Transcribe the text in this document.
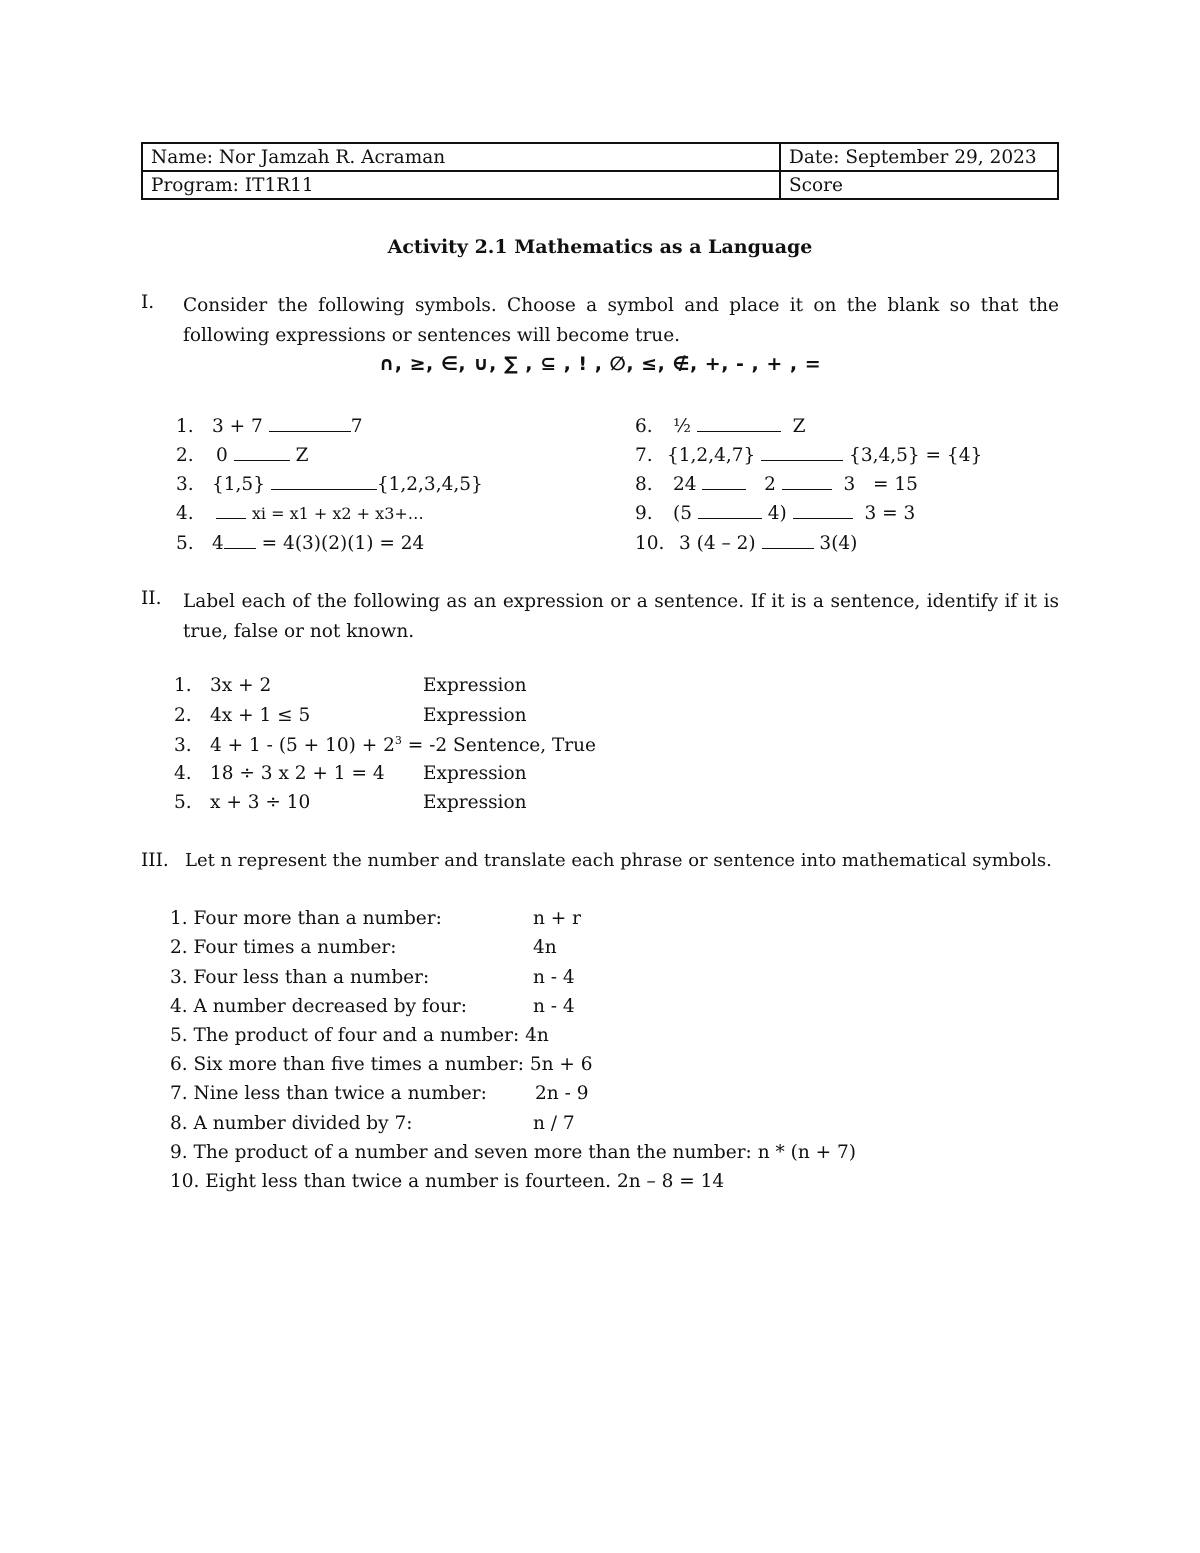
Name: Nor Jamzah R. Acraman	Date: September 29, 2023
Program: IT1R11	Score
Activity 2.1 Mathematics as a Language
I. Consider the following symbols. Choose a symbol and place it on the blank so that the following expressions or sentences will become true.
∩, ≥, ∈, ∪, ∑ , ⊆ , ! , ∅, ≤, ∉, +, - , + , =
1. 3 + 7	7
2. 0	Z
3. {1,5}	{1,2,3,4,5}
4.	xi = x1 + x2 + x3+…
5. 4 = 4(3)(2)(1) = 24
6. ½	Z
7. {1,2,4,7}	{3,4,5} = {4}
8. 24	2	3   = 15
9. (5	4)	3 = 3
10. 3 (4 – 2)	3(4)
II. Label each of the following as an expression or a sentence. If it is a sentence, identify if it is true, false or not known.
1. 3x + 2	Expression
2. 4x + 1 ≤ 5	Expression
3. $4 + 1 - (5 + 10) + 2^3 = -2$ Sentence, True
4. 18 ÷ 3 x 2 + 1 = 4 Expression
5. x + 3 ÷ 10	Expression
III. Let n represent the number and translate each phrase or sentence into mathematical symbols.
1. Four more than a number:	n + r
2. Four times a number:	4n
3. Four less than a number:	n - 4
4. A number decreased by four:	n - 4
5. The product of four and a number: 4n
6. Six more than five times a number: 5n + 6
7. Nine less than twice a number:	2n - 9
8. A number divided by 7:	n / 7
9. The product of a number and seven more than the number: n * (n + 7)
10. Eight less than twice a number is fourteen. 2n – 8 = 14
